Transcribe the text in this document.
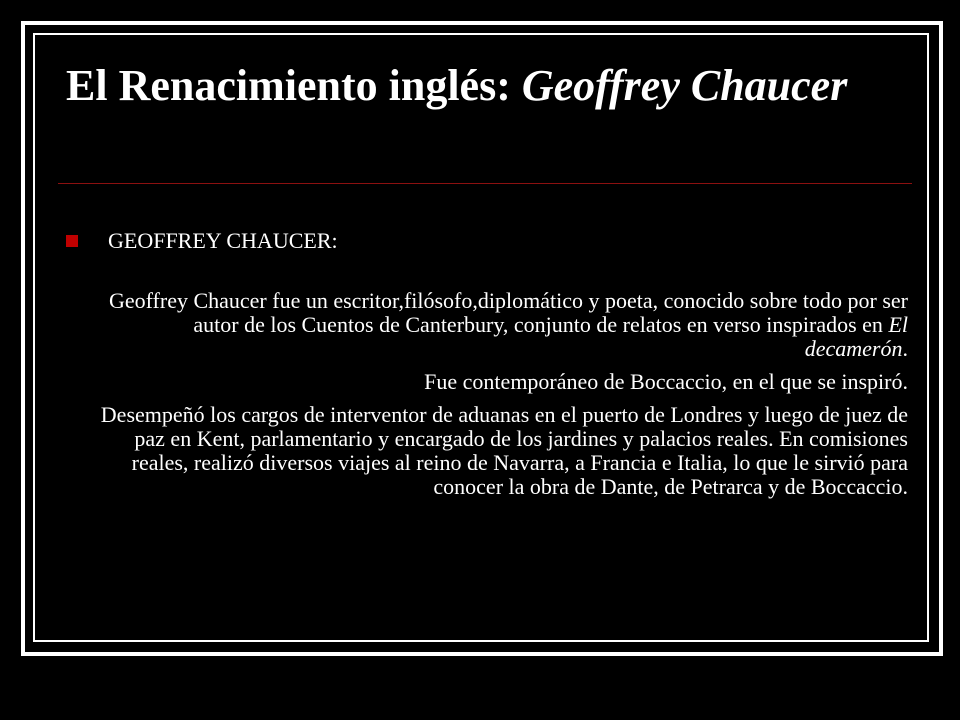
El Renacimiento inglés: Geoffrey Chaucer
GEOFFREY CHAUCER:

Geoffrey Chaucer fue un escritor,filósofo,diplomático y poeta, conocido sobre todo por ser autor de los Cuentos de Canterbury, conjunto de relatos en verso inspirados en El decamerón.

Fue contemporáneo de Boccaccio, en el que se inspiró.

Desempeñó los cargos de interventor de aduanas en el puerto de Londres y luego de juez de paz en Kent, parlamentario y encargado de los jardines y palacios reales. En comisiones reales, realizó diversos viajes al reino de Navarra, a Francia e Italia, lo que le sirvió para conocer la obra de Dante, de Petrarca y de Boccaccio.
